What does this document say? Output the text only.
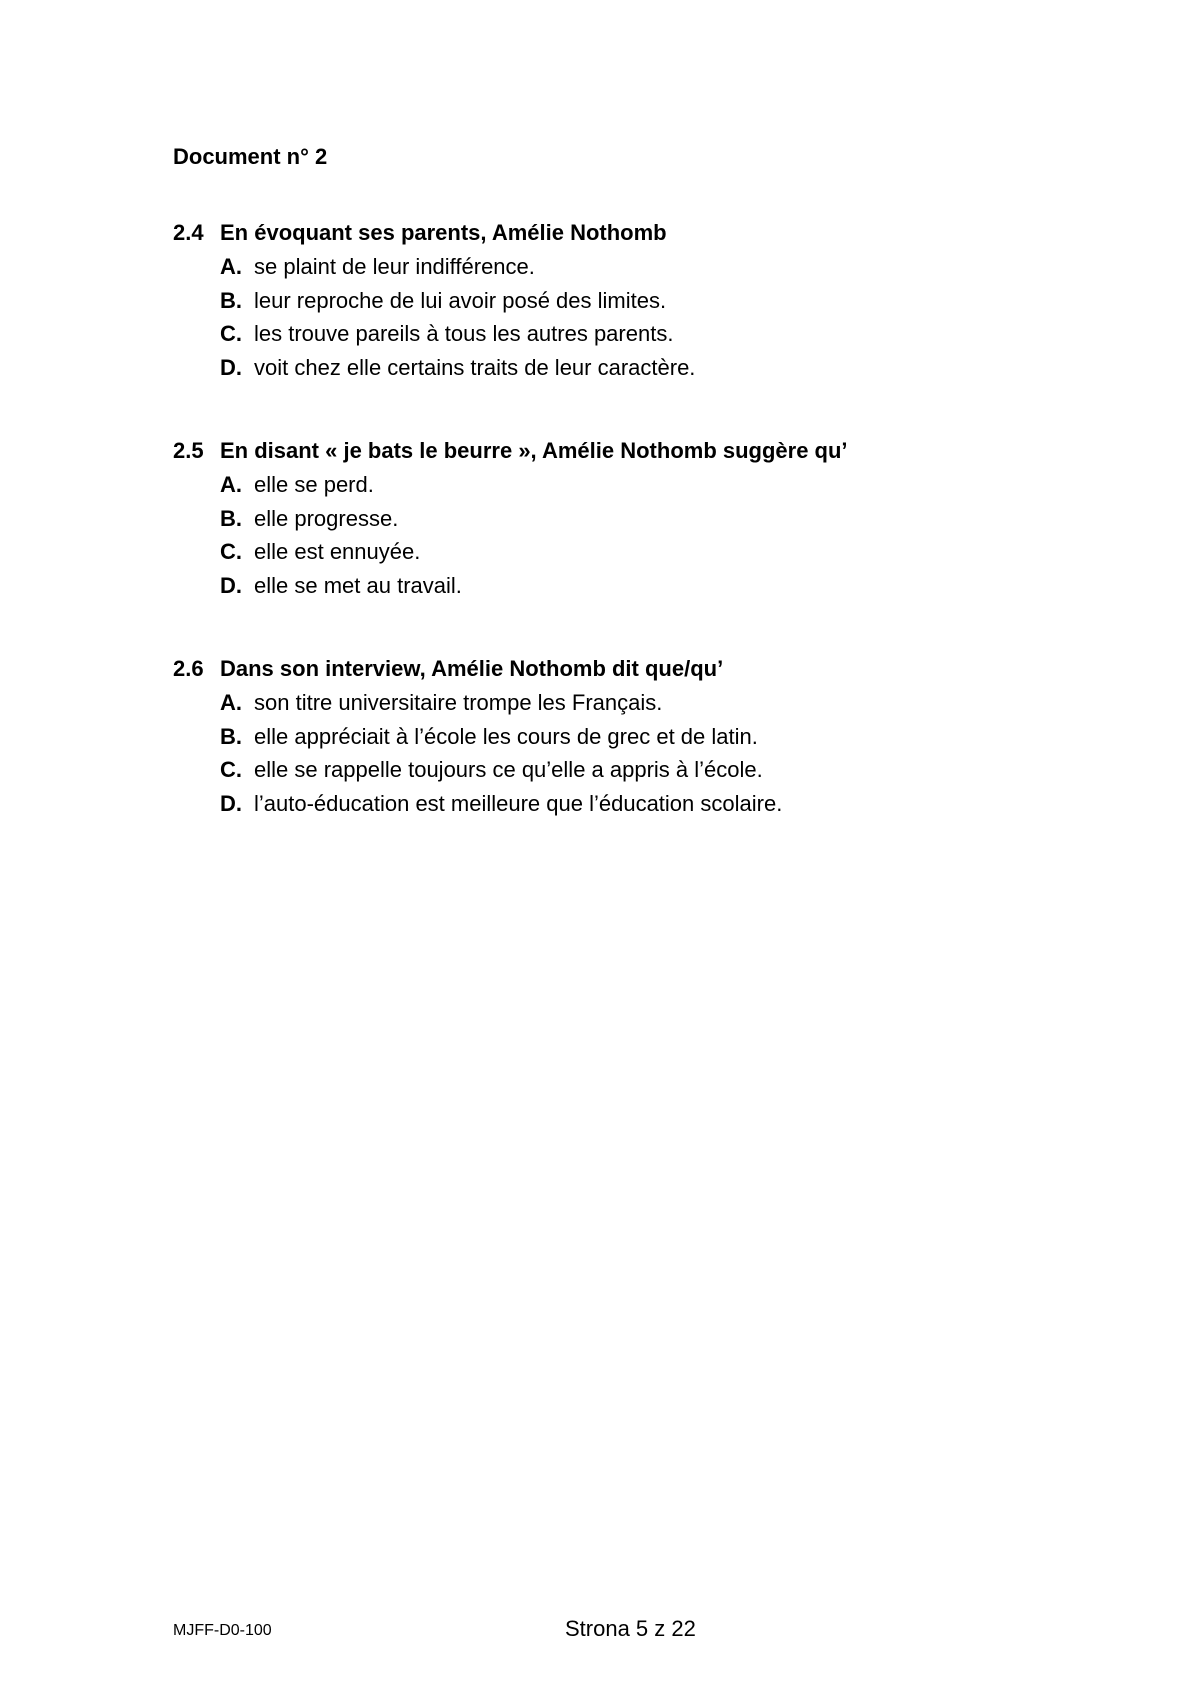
Document n° 2
2.4 En évoquant ses parents, Amélie Nothomb
A. se plaint de leur indifférence.
B. leur reproche de lui avoir posé des limites.
C. les trouve pareils à tous les autres parents.
D. voit chez elle certains traits de leur caractère.
2.5 En disant « je bats le beurre », Amélie Nothomb suggère qu’
A. elle se perd.
B. elle progresse.
C. elle est ennuyée.
D. elle se met au travail.
2.6 Dans son interview, Amélie Nothomb dit que/qu’
A. son titre universitaire trompe les Français.
B. elle appréciait à l’école les cours de grec et de latin.
C. elle se rappelle toujours ce qu’elle a appris à l’école.
D. l’auto-éducation est meilleure que l’éducation scolaire.
MJFF-D0-100	Strona 5 z 22
